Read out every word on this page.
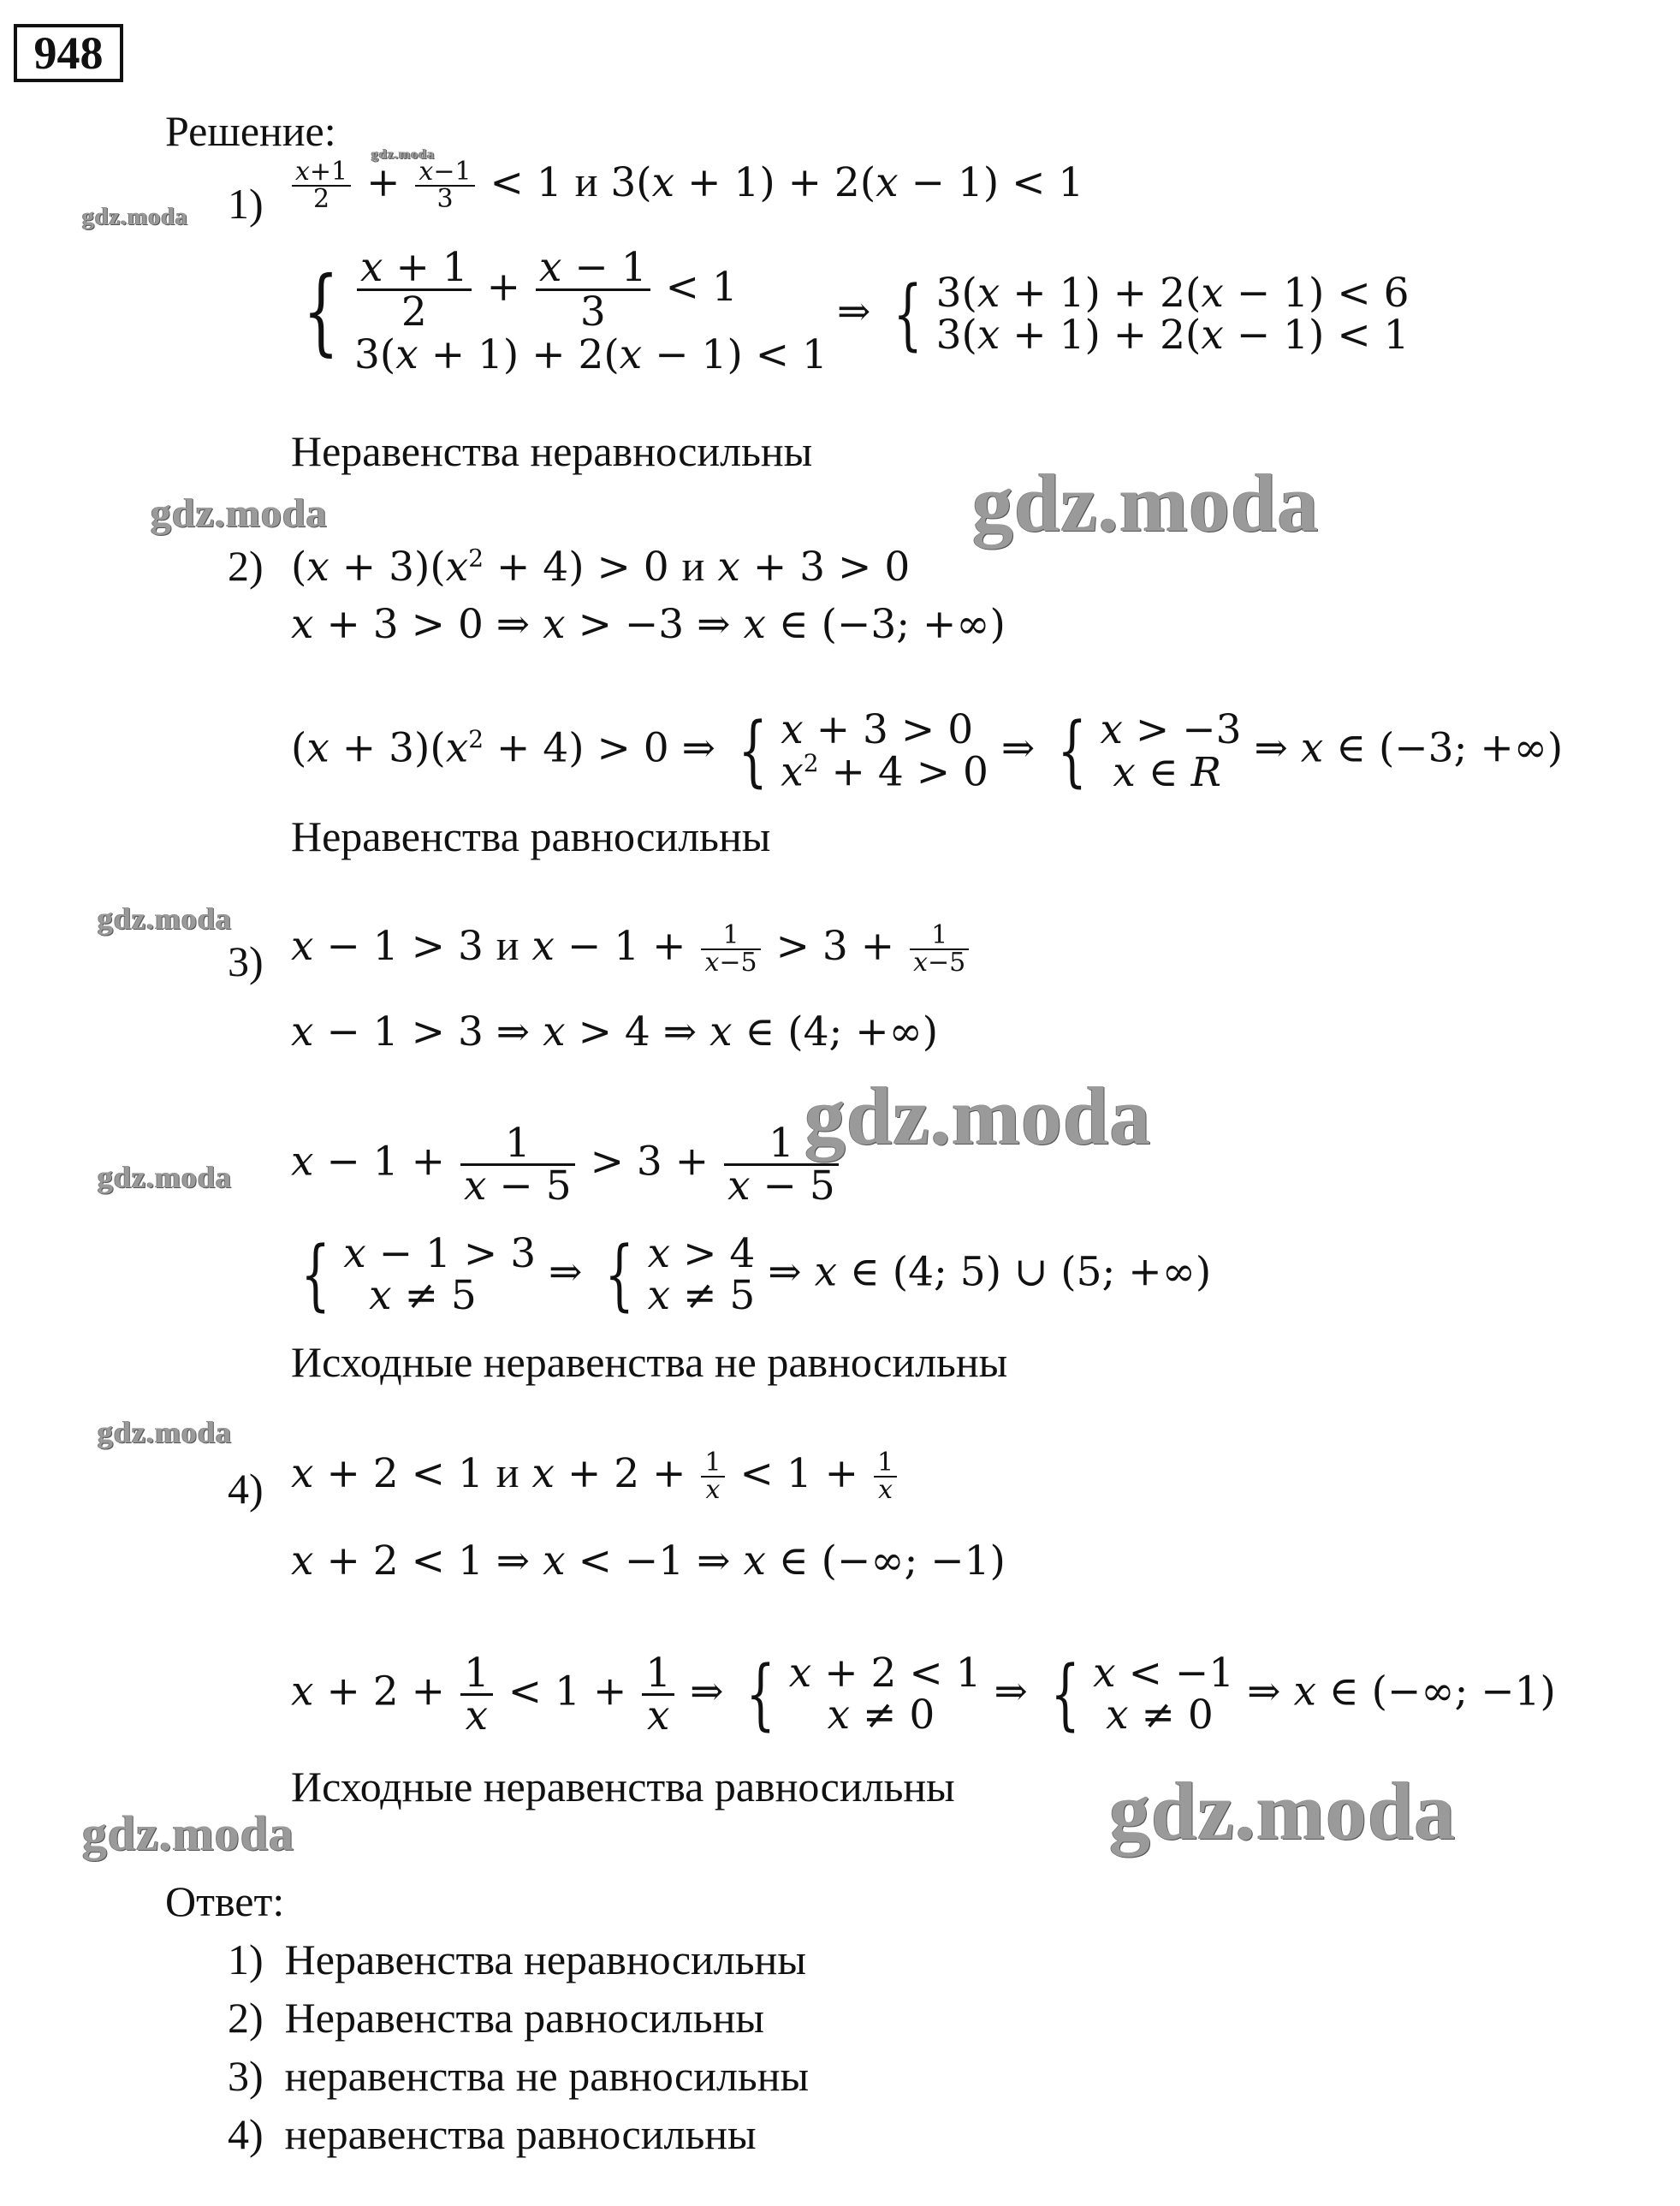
948
Решение:
$1) \frac{x+1}{2} + \frac{x-1}{3} < 1$ и 3(x + 1) + 2(x − 1) < 1
{ $\frac{x + 1}{2} + \frac{x - 1}{3} < 1$
3(x + 1) + 2(x − 1) < 1
⇒ { 3(x + 1) + 2(x − 1) < 6
3(x + 1) + 2(x − 1) < 1
Неравенства неравносильны
2) $(x + 3)(x^2 + 4) > 0$ и x + 3 > 0
x + 3 > 0 ⇒ x > −3 ⇒ x ∈ (−3; +∞)
$(x + 3)(x^2 + 4) > 0$ ⇒ { x + 3 > 0
$x^2 + 4 > 0$
⇒ { x > −3
x ∈ R
⇒ x ∈ (−3; +∞)
Неравенства равносильны
3) x − 1 > 3 и $x - 1 + \frac{1}{x-5} > 3 + \frac{1}{x-5}$
x − 1 > 3 ⇒ x > 4 ⇒ x ∈ (4; +∞)
$x - 1 + \frac{1}{x - 5} > 3 + \frac{1}{x - 5}$
{ x − 1 > 3
x ≠ 5
⇒ { x > 4
x ≠ 5
⇒ x ∈ (4; 5) ∪ (5; +∞)
Исходные неравенства не равносильны
4) x + 2 < 1 и $x + 2 + \frac{1}{x} < 1 + \frac{1}{x}$
x + 2 < 1 ⇒ x < −1 ⇒ x ∈ (−∞; −1)
$x + 2 + \frac{1}{x} < 1 + \frac{1}{x}$ ⇒ { x + 2 < 1
x ≠ 0
⇒ { x < −1
x ≠ 0
⇒ x ∈ (−∞; −1)
Исходные неравенства равносильны
Ответ:
1) Неравенства неравносильны
2) Неравенства равносильны
3) неравенства не равносильны
4) неравенства равносильны
gdz.moda
gdz.moda
gdz.moda	gdz.moda
gdz.moda
gdz.moda
gdz.moda
gdz.moda
gdz.moda
gdz.moda
